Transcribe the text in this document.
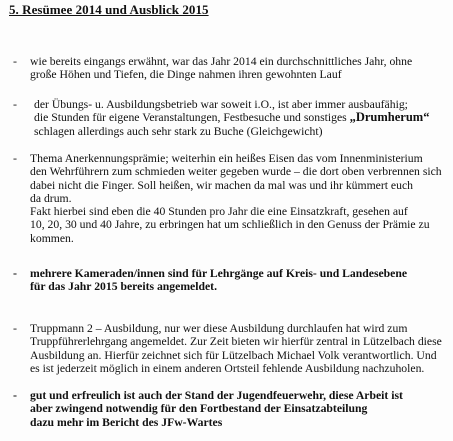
5. Resümee 2014 und Ausblick 2015
-	wie bereits eingangs erwähnt, war das Jahr 2014 ein durchschnittliches Jahr, ohne
große Höhen und Tiefen, die Dinge nahmen ihren gewohnten Lauf
-	der Übungs- u. Ausbildungsbetrieb war soweit i.O., ist aber immer ausbaufähig;
die Stunden für eigene Veranstaltungen, Festbesuche und sonstiges „Drumherum“
schlagen allerdings auch sehr stark zu Buche (Gleichgewicht)
-	Thema Anerkennungsprämie; weiterhin ein heißes Eisen das vom Innenministerium
den Wehrführern zum schmieden weiter gegeben wurde – die dort oben verbrennen sich
dabei nicht die Finger. Soll heißen, wir machen da mal was und ihr kümmert euch
da drum.
Fakt hierbei sind eben die 40 Stunden pro Jahr die eine Einsatzkraft, gesehen auf
10, 20, 30 und 40 Jahre, zu erbringen hat um schließlich in den Genuss der Prämie zu
kommen.
-	mehrere Kameraden/innen sind für Lehrgänge auf Kreis- und Landesebene
für das Jahr 2015 bereits angemeldet.
-	Truppmann 2 – Ausbildung, nur wer diese Ausbildung durchlaufen hat wird zum
Truppführerlehrgang angemeldet. Zur Zeit bieten wir hierfür zentral in Lützelbach diese
Ausbildung an. Hierfür zeichnet sich für Lützelbach Michael Volk verantwortlich. Und
es ist jederzeit möglich in einem anderen Ortsteil fehlende Ausbildung nachzuholen.
-	gut und erfreulich ist auch der Stand der Jugendfeuerwehr, diese Arbeit ist
aber zwingend notwendig für den Fortbestand der Einsatzabteilung
dazu mehr im Bericht des JFw-Wartes
